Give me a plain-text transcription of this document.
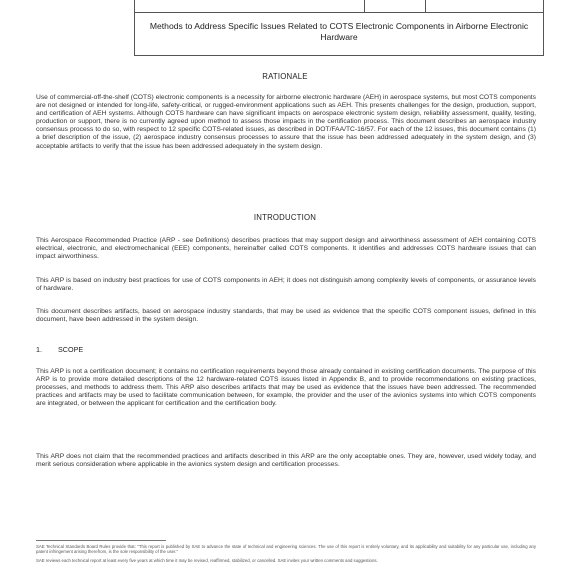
Methods to Address Specific Issues Related to COTS Electronic Components in Airborne Electronic Hardware
RATIONALE
Use of commercial-off-the-shelf (COTS) electronic components is a necessity for airborne electronic hardware (AEH) in aerospace systems, but most COTS components are not designed or intended for long-life, safety-critical, or rugged-environment applications such as AEH. This presents challenges for the design, production, support, and certification of AEH systems. Although COTS hardware can have significant impacts on aerospace electronic system design, reliability assessment, quality, testing, production or support, there is no currently agreed upon method to assess those impacts in the certification process. This document describes an aerospace industry consensus process to do so, with respect to 12 specific COTS-related issues, as described in DOT/FAA/TC-16/57. For each of the 12 issues, this document contains (1) a brief description of the issue, (2) aerospace industry consensus processes to assure that the issue has been addressed adequately in the system design, and (3) acceptable artifacts to verify that the issue has been addressed adequately in the system design.
INTRODUCTION
This Aerospace Recommended Practice (ARP - see Definitions) describes practices that may support design and airworthiness assessment of AEH containing COTS electrical, electronic, and electromechanical (EEE) components, hereinafter called COTS components. It identifies and addresses COTS hardware issues that can impact airworthiness.
This ARP is based on industry best practices for use of COTS components in AEH; it does not distinguish among complexity levels of components, or assurance levels of hardware.
This document describes artifacts, based on aerospace industry standards, that may be used as evidence that the specific COTS component issues, defined in this document, have been addressed in the system design.
1. SCOPE
This ARP is not a certification document; it contains no certification requirements beyond those already contained in existing certification documents. The purpose of this ARP is to provide more detailed descriptions of the 12 hardware-related COTS issues listed in Appendix B, and to provide recommendations on existing practices, processes, and methods to address them. This ARP also describes artifacts that may be used as evidence that the issues have been addressed. The recommended practices and artifacts may be used to facilitate communication between, for example, the provider and the user of the avionics systems into which COTS components are integrated, or between the applicant for certification and the certification body.
This ARP does not claim that the recommended practices and artifacts described in this ARP are the only acceptable ones. They are, however, used widely today, and merit serious consideration where applicable in the avionics system design and certification processes.
SAE Technical Standards Board Rules provide that: "This report is published by SAE to advance the state of technical and engineering sciences. The use of this report is entirely voluntary, and its applicability and suitability for any particular use, including any patent infringement arising therefrom, is the sole responsibility of the user."
SAE reviews each technical report at least every five years at which time it may be revised, reaffirmed, stabilized, or cancelled. SAE invites your written comments and suggestions.
